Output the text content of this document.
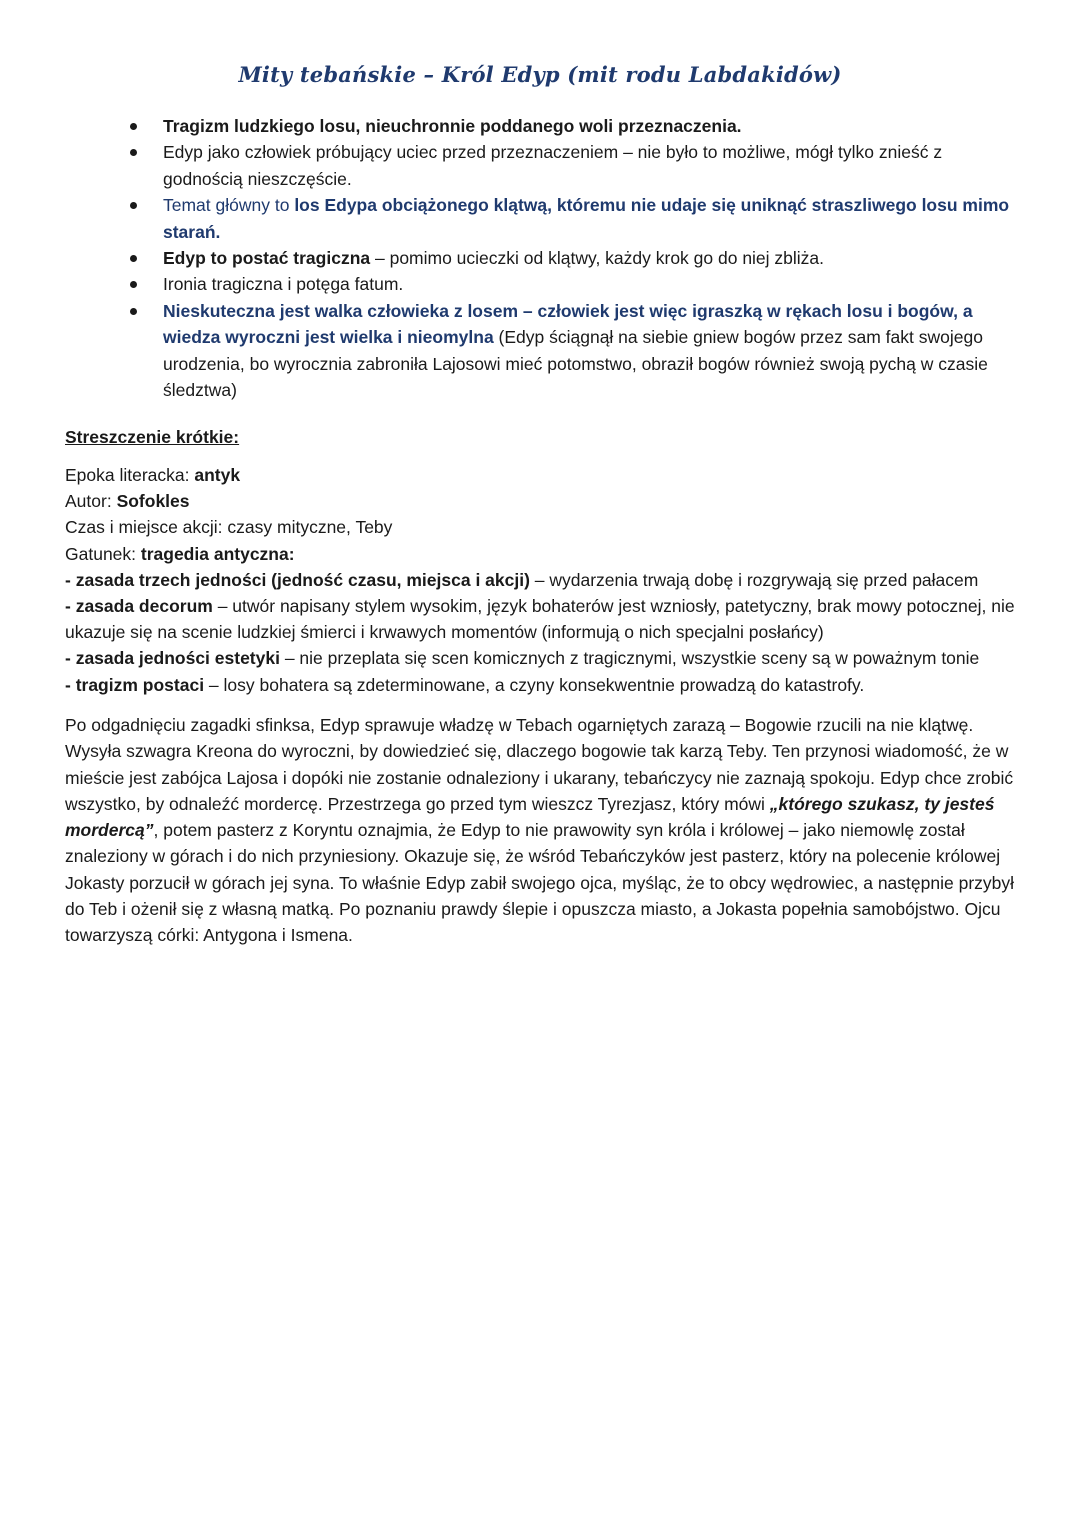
Mity tebańskie – Król Edyp (mit rodu Labdakidów)
Tragizm ludzkiego losu, nieuchronnie poddanego woli przeznaczenia.
Edyp jako człowiek próbujący uciec przed przeznaczeniem – nie było to możliwe, mógł tylko znieść z godnością nieszczęście.
Temat główny to los Edypa obciążonego klątwą, któremu nie udaje się uniknąć straszliwego losu mimo starań.
Edyp to postać tragiczna – pomimo ucieczki od klątwy, każdy krok go do niej zbliża.
Ironia tragiczna i potęga fatum.
Nieskuteczna jest walka człowieka z losem – człowiek jest więc igraszką w rękach losu i bogów, a wiedza wyroczni jest wielka i nieomylna (Edyp ściągnął na siebie gniew bogów przez sam fakt swojego urodzenia, bo wyrocznia zabroniła Lajosowi mieć potomstwo, obraził bogów również swoją pychą w czasie śledztwa)
Streszczenie krótkie:
Epoka literacka: antyk
Autor: Sofokles
Czas i miejsce akcji: czasy mityczne, Teby
Gatunek: tragedia antyczna:
- zasada trzech jedności (jedność czasu, miejsca i akcji) – wydarzenia trwają dobę i rozgrywają się przed pałacem
- zasada decorum – utwór napisany stylem wysokim, język bohaterów jest wzniosły, patetyczny, brak mowy potocznej, nie ukazuje się na scenie ludzkiej śmierci i krwawych momentów (informują o nich specjalni posłańcy)
- zasada jedności estetyki – nie przeplata się scen komicznych z tragicznymi, wszystkie sceny są w poważnym tonie
- tragizm postaci – losy bohatera są zdeterminowane, a czyny konsekwentnie prowadzą do katastrofy.

Po odgadnięciu zagadki sfinksa, Edyp sprawuje władzę w Tebach ogarniętych zarazą – Bogowie rzucili na nie klątwę. Wysyła szwagra Kreona do wyroczni, by dowiedzieć się, dlaczego bogowie tak karzą Teby. Ten przynosi wiadomość, że w mieście jest zabójca Lajosa i dopóki nie zostanie odnaleziony i ukarany, tebańczycy nie zaznają spokoju. Edyp chce zrobić wszystko, by odnaleźć mordercę. Przestrzega go przed tym wieszcz Tyrezjasz, który mówi „którego szukasz, ty jesteś mordercą”, potem pasterz z Koryntu oznajmia, że Edyp to nie prawowity syn króla i królowej – jako niemowlę został znaleziony w górach i do nich przyniesiony. Okazuje się, że wśród Tebańczyków jest pasterz, który na polecenie królowej Jokasty porzucił w górach jej syna. To właśnie Edyp zabił swojego ojca, myśląc, że to obcy wędrowiec, a następnie przybył do Teb i ożenił się z własną matką. Po poznaniu prawdy ślepie i opuszcza miasto, a Jokasta popełnia samobójstwo. Ojcu towarzyszą córki: Antygona i Ismena.
